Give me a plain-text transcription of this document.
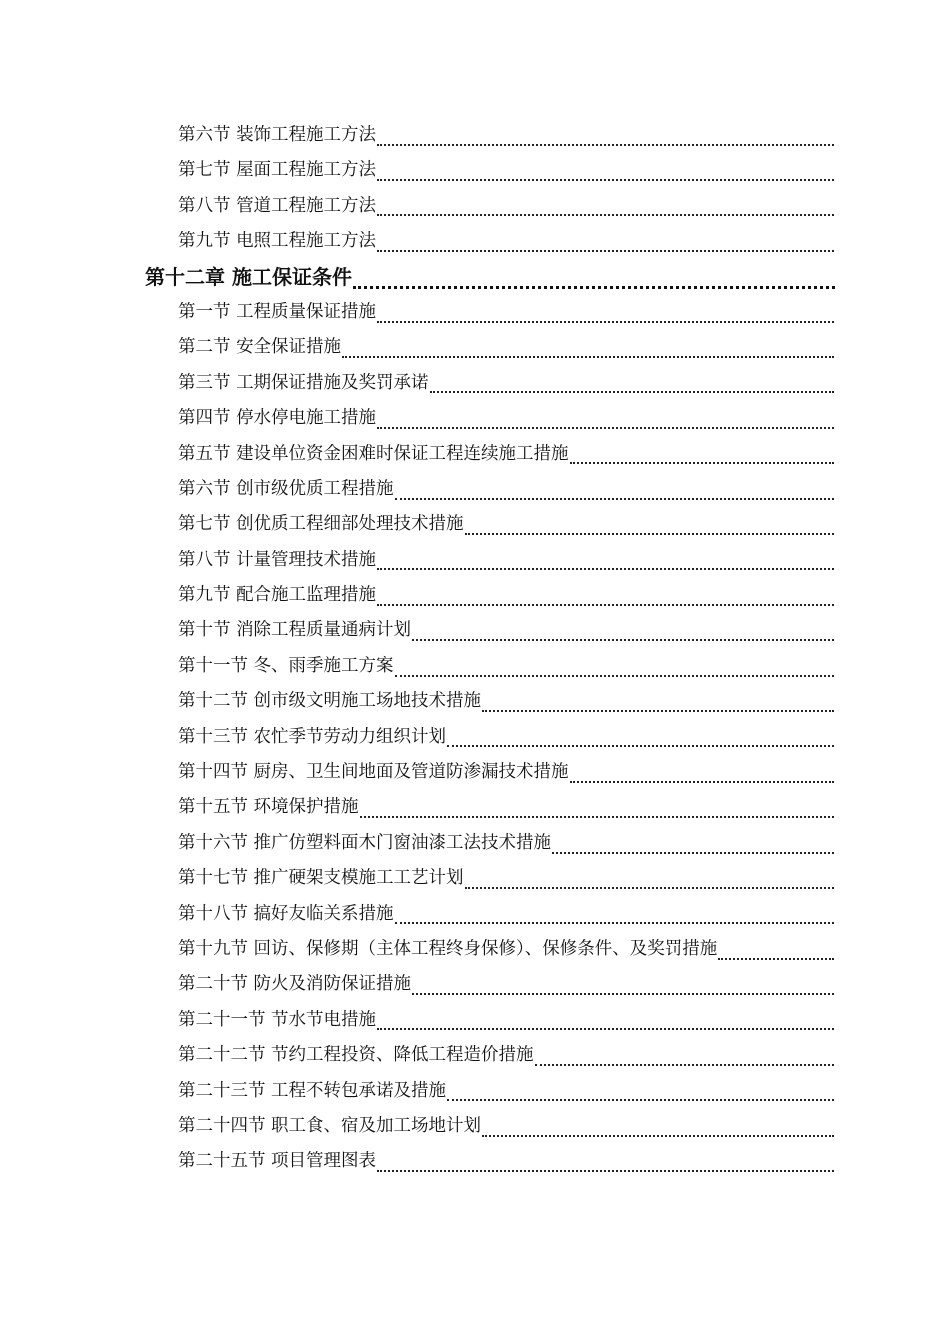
第六节 装饰工程施工方法
第七节 屋面工程施工方法
第八节 管道工程施工方法
第九节 电照工程施工方法
第十二章 施工保证条件
第一节 工程质量保证措施
第二节 安全保证措施
第三节 工期保证措施及奖罚承诺
第四节 停水停电施工措施
第五节 建设单位资金困难时保证工程连续施工措施
第六节 创市级优质工程措施
第七节 创优质工程细部处理技术措施
第八节 计量管理技术措施
第九节 配合施工监理措施
第十节 消除工程质量通病计划
第十一节 冬、雨季施工方案
第十二节 创市级文明施工场地技术措施
第十三节 农忙季节劳动力组织计划
第十四节 厨房、卫生间地面及管道防渗漏技术措施
第十五节 环境保护措施
第十六节 推广仿塑料面木门窗油漆工法技术措施
第十七节 推广硬架支模施工工艺计划
第十八节 搞好友临关系措施
第十九节 回访、保修期（主体工程终身保修）、保修条件、及奖罚措施
第二十节 防火及消防保证措施
第二十一节 节水节电措施
第二十二节 节约工程投资、降低工程造价措施
第二十三节 工程不转包承诺及措施
第二十四节 职工食、宿及加工场地计划
第二十五节 项目管理图表
